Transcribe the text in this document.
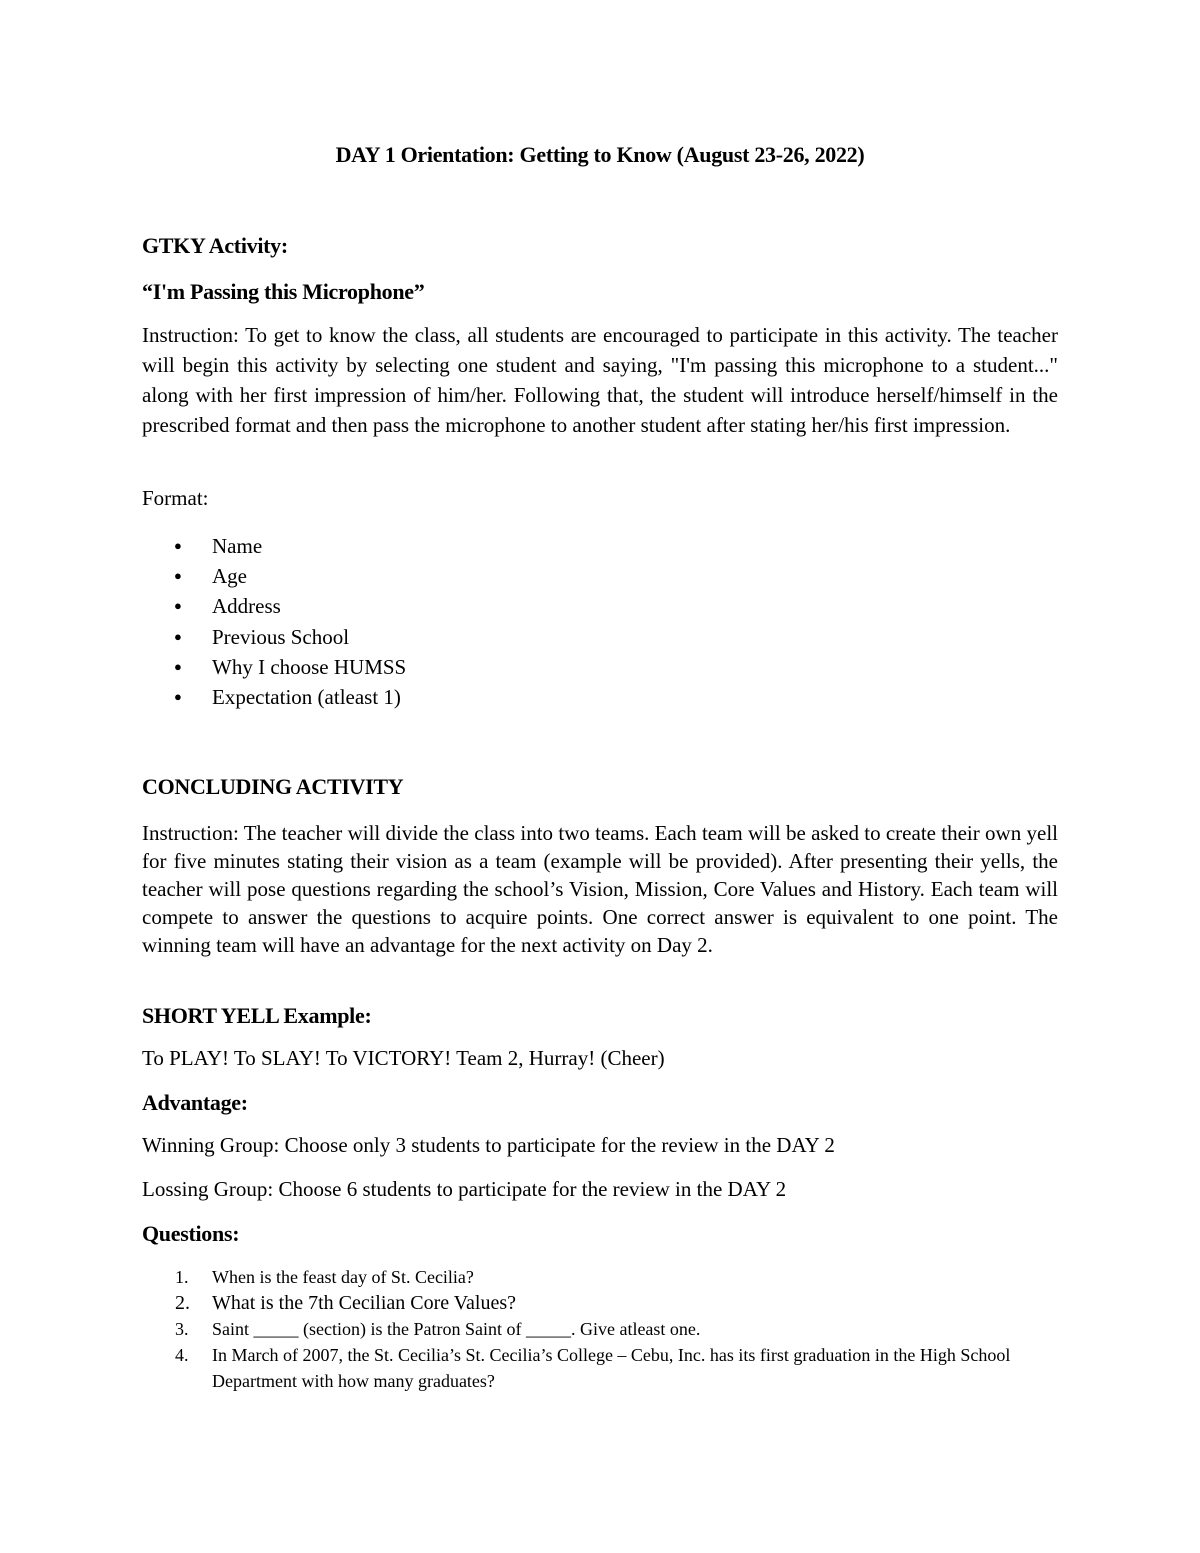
DAY 1 Orientation: Getting to Know (August 23-26, 2022)
GTKY Activity:
“I'm Passing this Microphone”

Instruction: To get to know the class, all students are encouraged to participate in this activity. The teacher will begin this activity by selecting one student and saying, "I'm passing this microphone to a student..." along with her first impression of him/her. Following that, the student will introduce herself/himself in the prescribed format and then pass the microphone to another student after stating her/his first impression.

Format:
● Name
● Age
● Address
● Previous School
● Why I choose HUMSS
● Expectation (atleast 1)
CONCLUDING ACTIVITY

Instruction: The teacher will divide the class into two teams. Each team will be asked to create their own yell for five minutes stating their vision as a team (example will be provided). After presenting their yells, the teacher will pose questions regarding the school’s Vision, Mission, Core Values and History. Each team will compete to answer the questions to acquire points. One correct answer is equivalent to one point. The winning team will have an advantage for the next activity on Day 2.

SHORT YELL Example:
To PLAY! To SLAY! To VICTORY! Team 2, Hurray! (Cheer)
Advantage:
Winning Group: Choose only 3 students to participate for the review in the DAY 2
Lossing Group: Choose 6 students to participate for the review in the DAY 2
Questions:
1. When is the feast day of St. Cecilia?
2. What is the 7th Cecilian Core Values?
3. Saint _____ (section) is the Patron Saint of _____. Give atleast one.
4. In March of 2007, the St. Cecilia’s St. Cecilia’s College – Cebu, Inc. has its first graduation in the High School Department with how many graduates?
